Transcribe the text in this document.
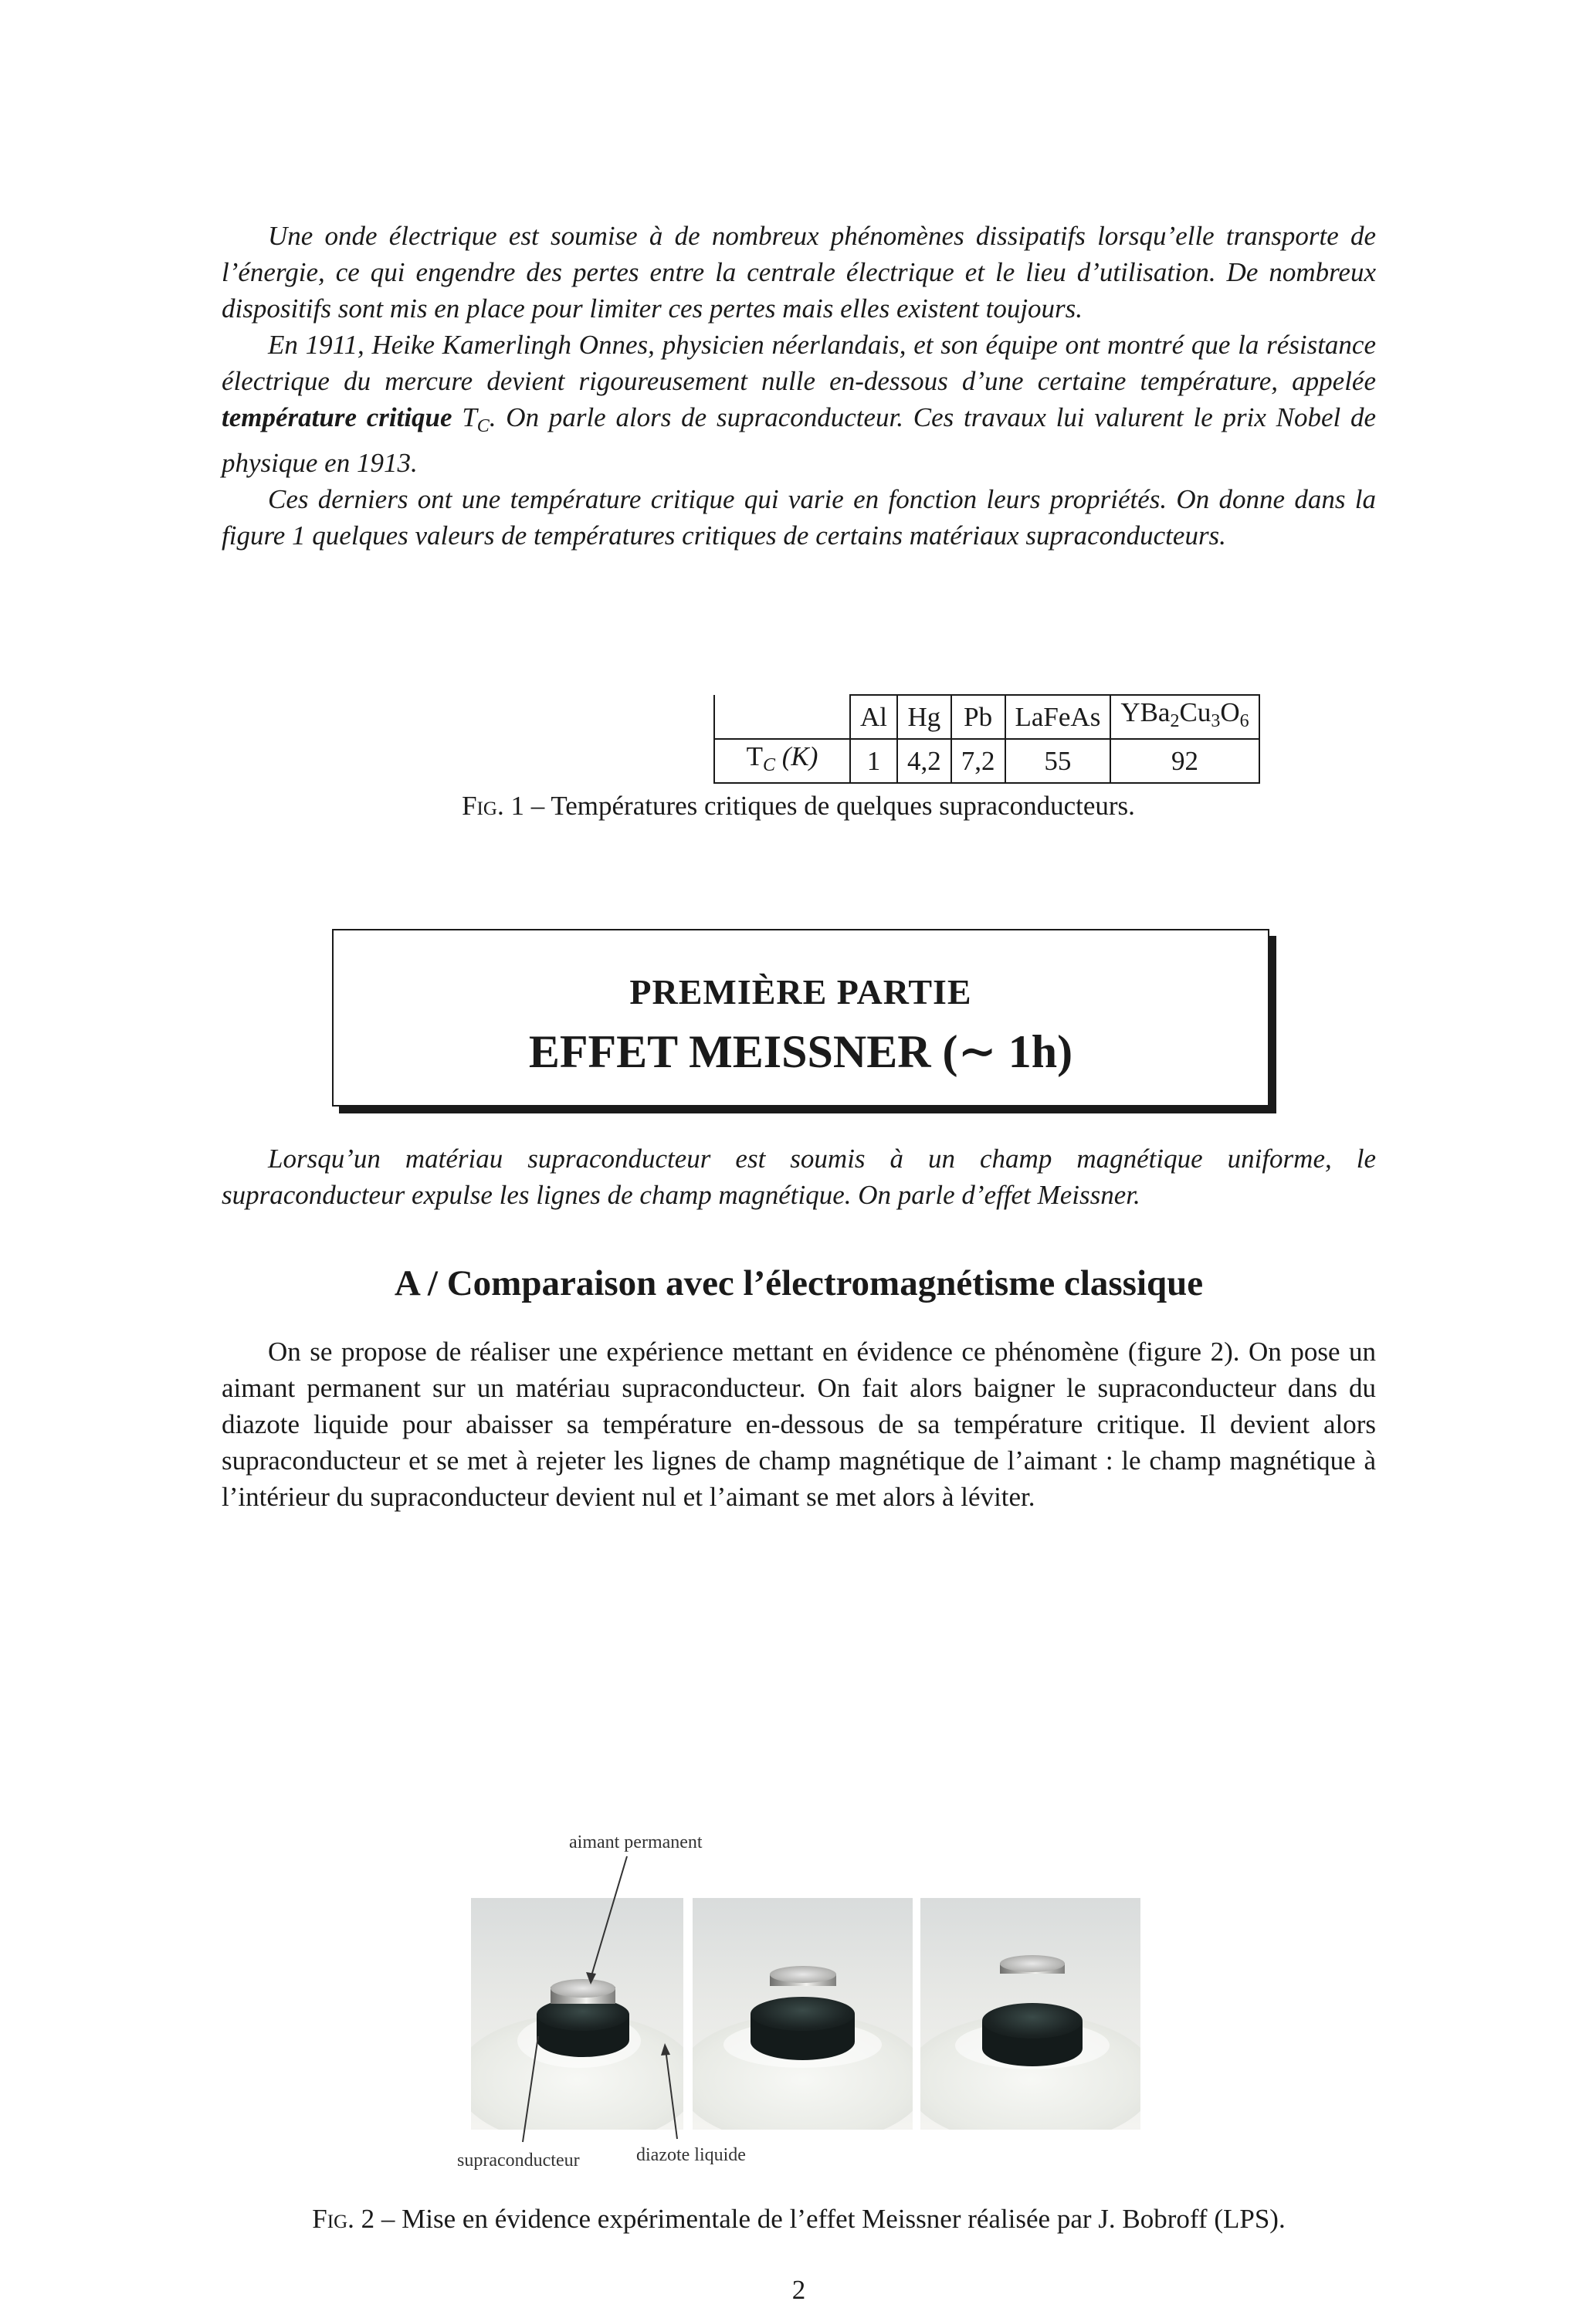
Une onde électrique est soumise à de nombreux phénomènes dissipatifs lorsqu’elle transporte de l’énergie, ce qui engendre des pertes entre la centrale électrique et le lieu d’utilisation. De nombreux dispositifs sont mis en place pour limiter ces pertes mais elles existent toujours.

En 1911, Heike Kamerlingh Onnes, physicien néerlandais, et son équipe ont montré que la résistance électrique du mercure devient rigoureusement nulle en-dessous d’une certaine température, appelée température critique $T_C$. On parle alors de supraconducteur. Ces travaux lui valurent le prix Nobel de physique en 1913.

Ces derniers ont une température critique qui varie en fonction leurs propriétés. On donne dans la figure 1 quelques valeurs de températures critiques de certains matériaux supraconducteurs.

	Al	Hg	Pb	LaFeAs	$YBa_2Cu_3O_6$
$T_C$ (K)	1	4,2	7,2	55	92
Fig. 1 – Températures critiques de quelques supraconducteurs.
PREMIÈRE PARTIE
EFFET MEISSNER (∼ 1h)

Lorsqu’un matériau supraconducteur est soumis à un champ magnétique uniforme, le supraconducteur expulse les lignes de champ magnétique. On parle d’effet Meissner.

A / Comparaison avec l’électromagnétisme classique

On se propose de réaliser une expérience mettant en évidence ce phénomène (figure 2). On pose un aimant permanent sur un matériau supraconducteur. On fait alors baigner le supraconducteur dans du diazote liquide pour abaisser sa température en-dessous de sa température critique. Il devient alors supraconducteur et se met à rejeter les lignes de champ magnétique de l’aimant : le champ magnétique à l’intérieur du supraconducteur devient nul et l’aimant se met alors à léviter.

aimant permanent
supraconducteur	diazote liquide
Fig. 2 – Mise en évidence expérimentale de l’effet Meissner réalisée par J. Bobroff (LPS).
2
